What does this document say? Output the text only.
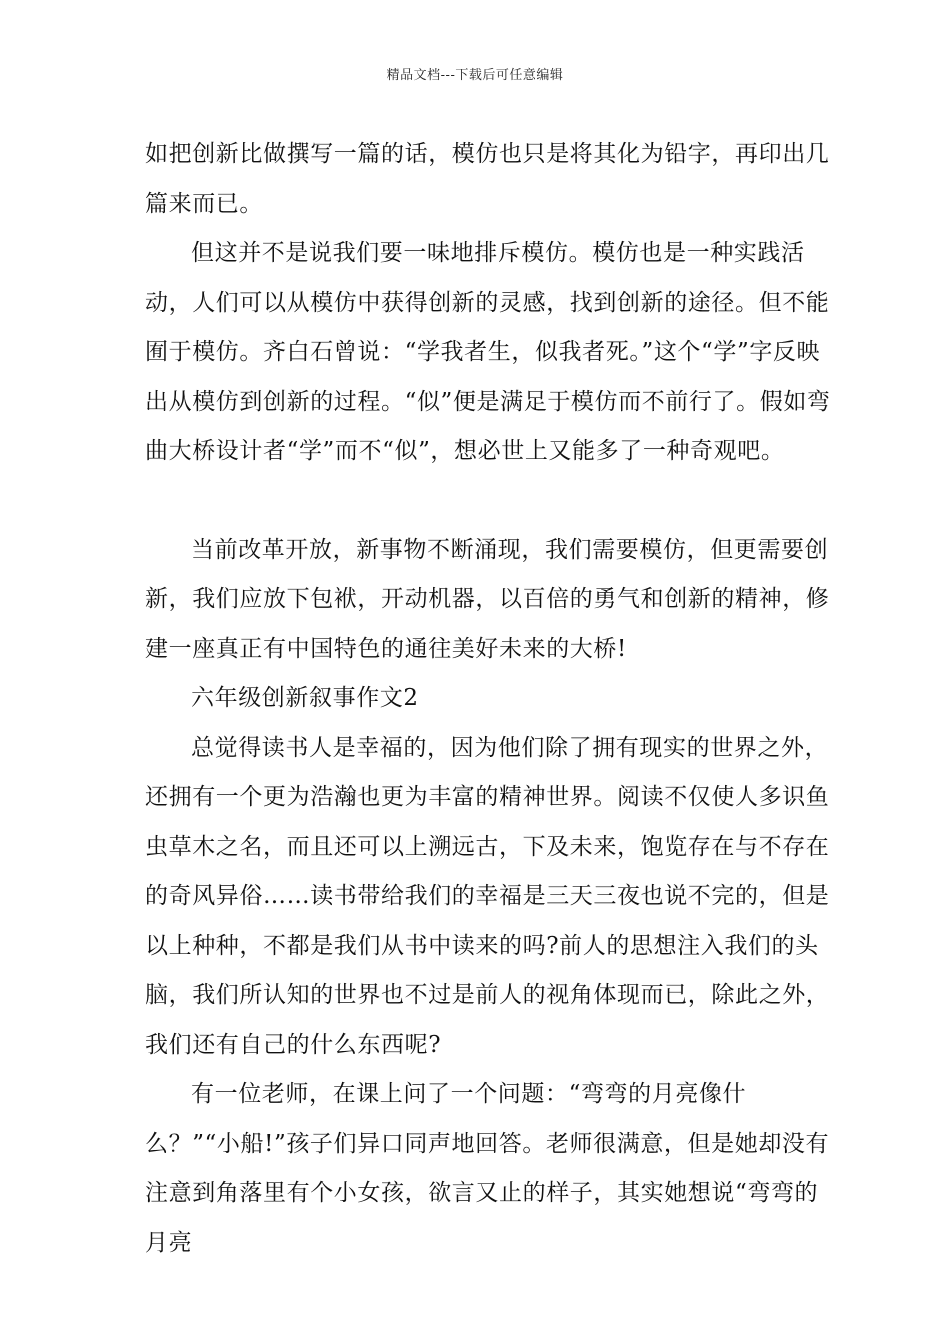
精品文档---下载后可任意编辑

如把创新比做撰写一篇的话，模仿也只是将其化为铅字，再印出几篇来而已。

但这并不是说我们要一味地排斥模仿。模仿也是一种实践活动，人们可以从模仿中获得创新的灵感，找到创新的途径。但不能囿于模仿。齐白石曾说：“学我者生，似我者死。”这个“学”字反映出从模仿到创新的过程。“似”便是满足于模仿而不前行了。假如弯曲大桥设计者“学”而不“似”，想必世上又能多了一种奇观吧。

当前改革开放，新事物不断涌现，我们需要模仿，但更需要创新，我们应放下包袱，开动机器，以百倍的勇气和创新的精神，修建一座真正有中国特色的通往美好未来的大桥!

六年级创新叙事作文2

总觉得读书人是幸福的，因为他们除了拥有现实的世界之外，还拥有一个更为浩瀚也更为丰富的精神世界。阅读不仅使人多识鱼虫草木之名，而且还可以上溯远古，下及未来，饱览存在与不存在的奇风异俗……读书带给我们的幸福是三天三夜也说不完的，但是以上种种，不都是我们从书中读来的吗?前人的思想注入我们的头脑，我们所认知的世界也不过是前人的视角体现而已，除此之外，我们还有自己的什么东西呢?

有一位老师，在课上问了一个问题：“弯弯的月亮像什么？”“小船!”孩子们异口同声地回答。老师很满意，但是她却没有注意到角落里有个小女孩，欲言又止的样子，其实她想说“弯弯的月亮
